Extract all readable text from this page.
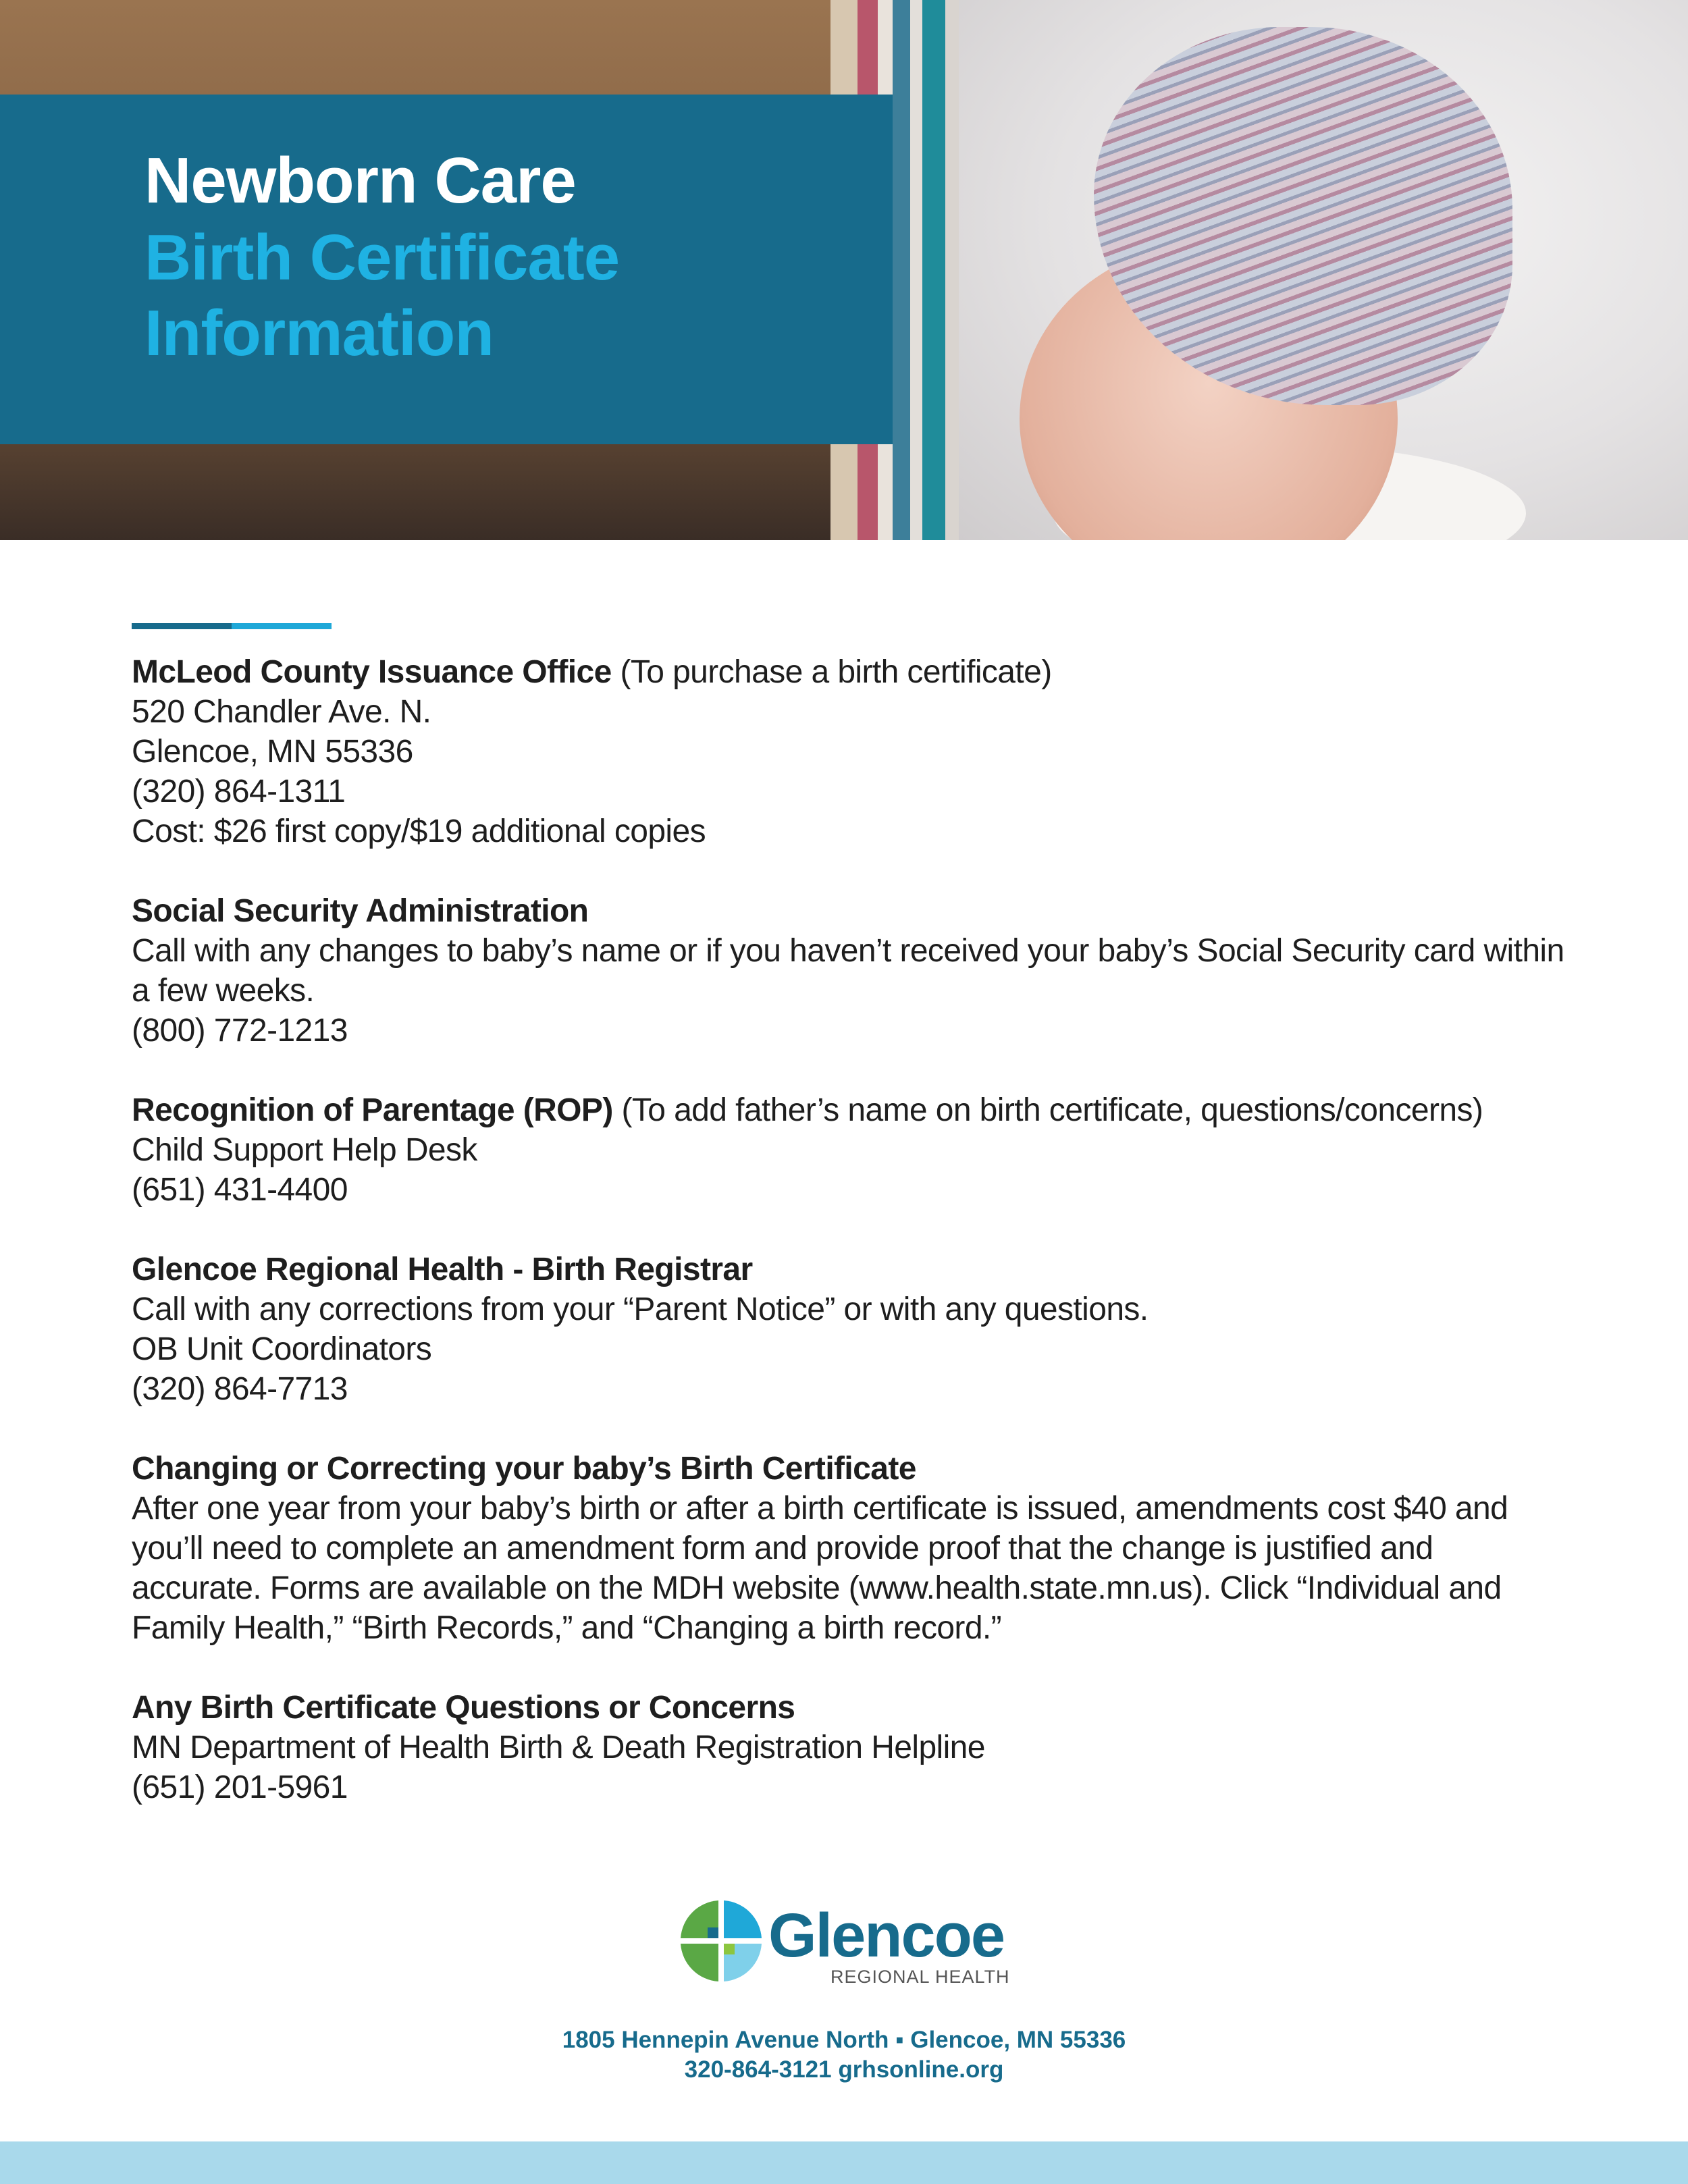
Newborn Care
Birth Certificate Information

McLeod County Issuance Office (To purchase a birth certificate)

520 Chandler Ave. N.

Glencoe, MN 55336

(320) 864-1311

Cost: $26 first copy/$19 additional copies

Social Security Administration

Call with any changes to baby’s name or if you haven’t received your baby’s Social Security card within a few weeks.

(800) 772-1213

Recognition of Parentage (ROP) (To add father’s name on birth certificate, questions/concerns)

Child Support Help Desk

(651) 431-4400

Glencoe Regional Health - Birth Registrar

Call with any corrections from your “Parent Notice” or with any questions.

OB Unit Coordinators

(320) 864-7713

Changing or Correcting your baby’s Birth Certificate

After one year from your baby’s birth or after a birth certificate is issued, amendments cost $40 and you’ll need to complete an amendment form and provide proof that the change is justified and accurate. Forms are available on the MDH website (www.health.state.mn.us). Click “Individual and Family Health,” “Birth Records,” and “Changing a birth record.”

Any Birth Certificate Questions or Concerns

MN Department of Health Birth & Death Registration Helpline

(651) 201-5961

Glencoe
REGIONAL HEALTH
1805 Hennepin Avenue North ▪ Glencoe, MN 55336
320-864-3121 grhsonline.org
